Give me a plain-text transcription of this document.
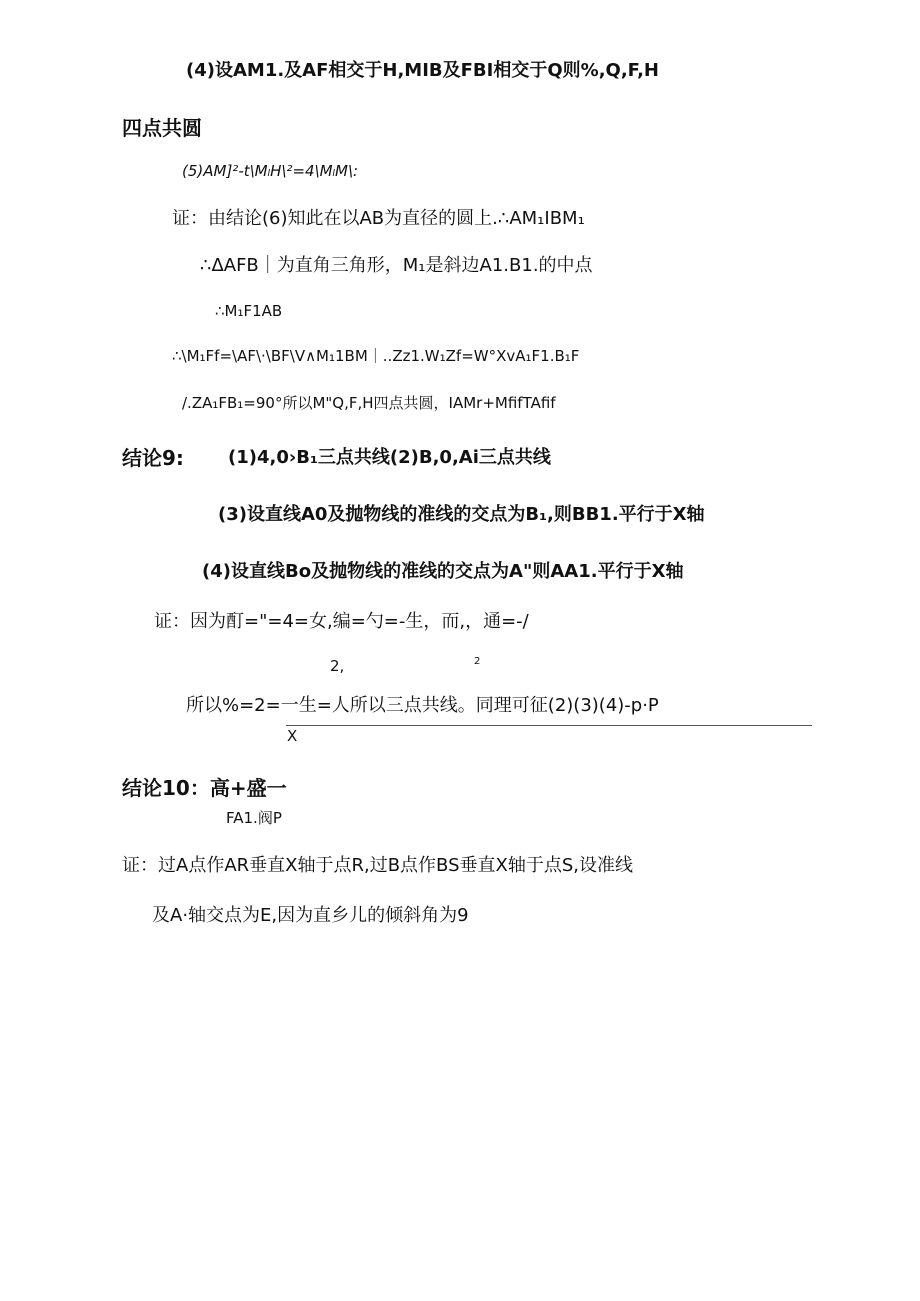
(4)设AM1.及AF相交于H,MIB及FBI相交于Q则%,Q,F,H
四点共圆
(5)AM]²-t\MₗH\²=4\MₗM\:
证：由结论(6)知此在以AB为直径的圆上.∴AM₁IBM₁
∴ΔAFB｜为直角三角形，M₁是斜边A1.B1.的中点
∴M₁F1AB
∴\M₁Ff=\AF\·\BF\V∧M₁1BM｜..Zz1.W₁Zf=W°XvA₁F1.B₁F
/.ZA₁FB₁=90°所以M"Q,F,H四点共圆，IAMr+MfifTAfif
结论9: (1)4,0›B₁三点共线(2)B,0,Ai三点共线
(3)设直线A0及抛物线的准线的交点为B₁,则BB1.平行于X轴
(4)设直线Bo及抛物线的准线的交点为A"则AA1.平行于X轴
证：因为酊="=4=女,编=勺=-生，而,，通=-/
2,	2
所以%=2=一生=人所以三点共线。同理可征(2)(3)(4)-p·P
X
结论10：高+盛一
FA1.阀P
证：过A点作AR垂直X轴于点R,过B点作BS垂直X轴于点S,设准线
及A·轴交点为E,因为直乡儿的倾斜角为9
